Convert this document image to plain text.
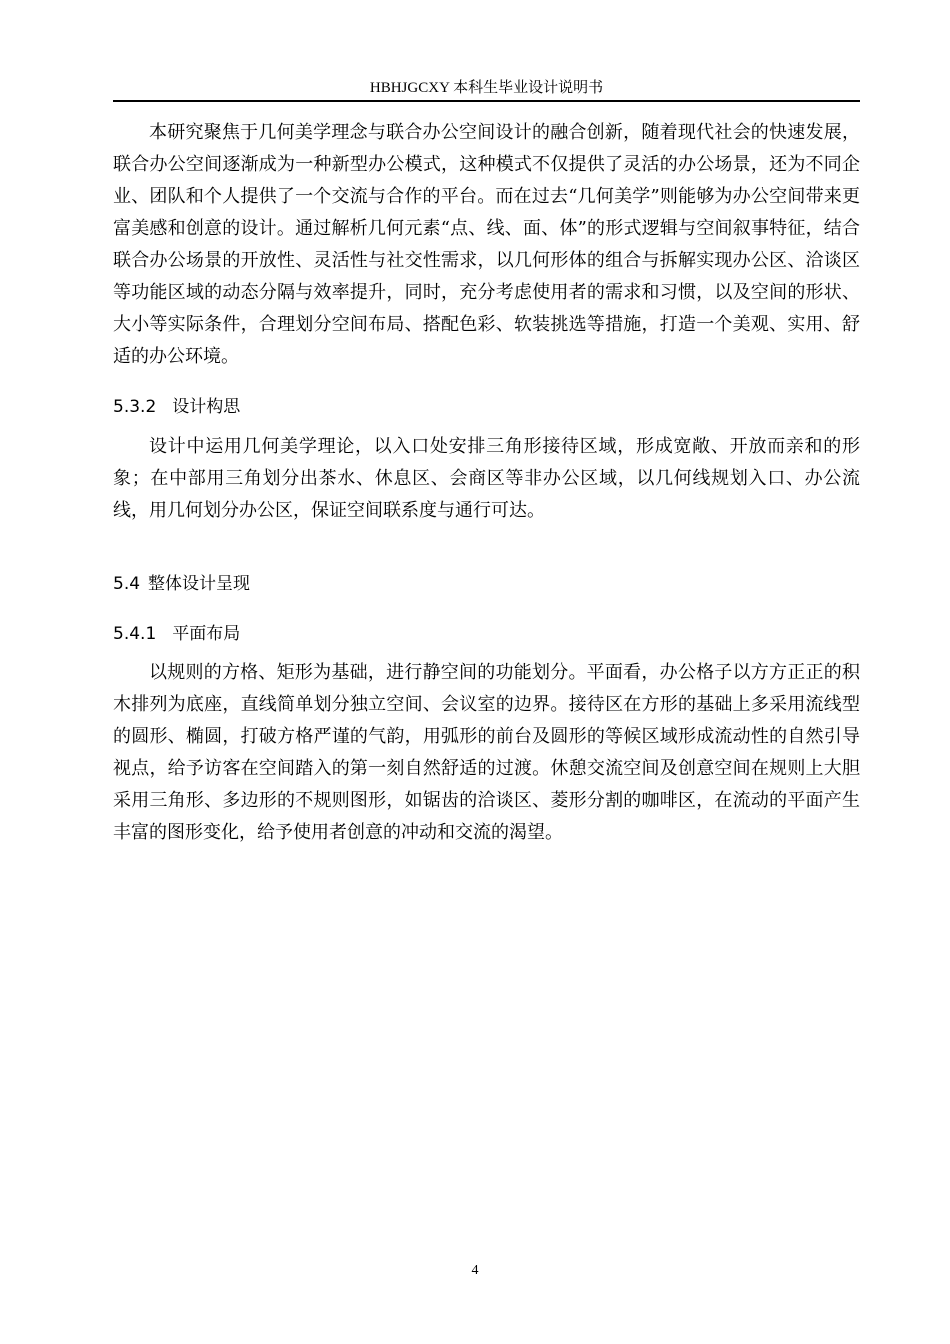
HBHJGCXY 本科生毕业设计说明书

本研究聚焦于几何美学理念与联合办公空间设计的融合创新，随着现代社会的快速发展，联合办公空间逐渐成为一种新型办公模式，这种模式不仅提供了灵活的办公场景，还为不同企业、团队和个人提供了一个交流与合作的平台。而在过去“几何美学”则能够为办公空间带来更富美感和创意的设计。通过解析几何元素“点、线、面、体”的形式逻辑与空间叙事特征，结合联合办公场景的开放性、灵活性与社交性需求，以几何形体的组合与拆解实现办公区、洽谈区等功能区域的动态分隔与效率提升，同时，充分考虑使用者的需求和习惯，以及空间的形状、大小等实际条件，合理划分空间布局、搭配色彩、软装挑选等措施，打造一个美观、实用、舒适的办公环境。

5.3.2 设计构思

设计中运用几何美学理论，以入口处安排三角形接待区域，形成宽敞、开放而亲和的形象；在中部用三角划分出茶水、休息区、会商区等非办公区域，以几何线规划入口、办公流线，用几何划分办公区，保证空间联系度与通行可达。

5.4 整体设计呈现
5.4.1 平面布局

以规则的方格、矩形为基础，进行静空间的功能划分。平面看，办公格子以方方正正的积木排列为底座，直线简单划分独立空间、会议室的边界。接待区在方形的基础上多采用流线型的圆形、椭圆，打破方格严谨的气韵，用弧形的前台及圆形的等候区域形成流动性的自然引导视点，给予访客在空间踏入的第一刻自然舒适的过渡。休憩交流空间及创意空间在规则上大胆采用三角形、多边形的不规则图形，如锯齿的洽谈区、菱形分割的咖啡区，在流动的平面产生丰富的图形变化，给予使用者创意的冲动和交流的渴望。

4
